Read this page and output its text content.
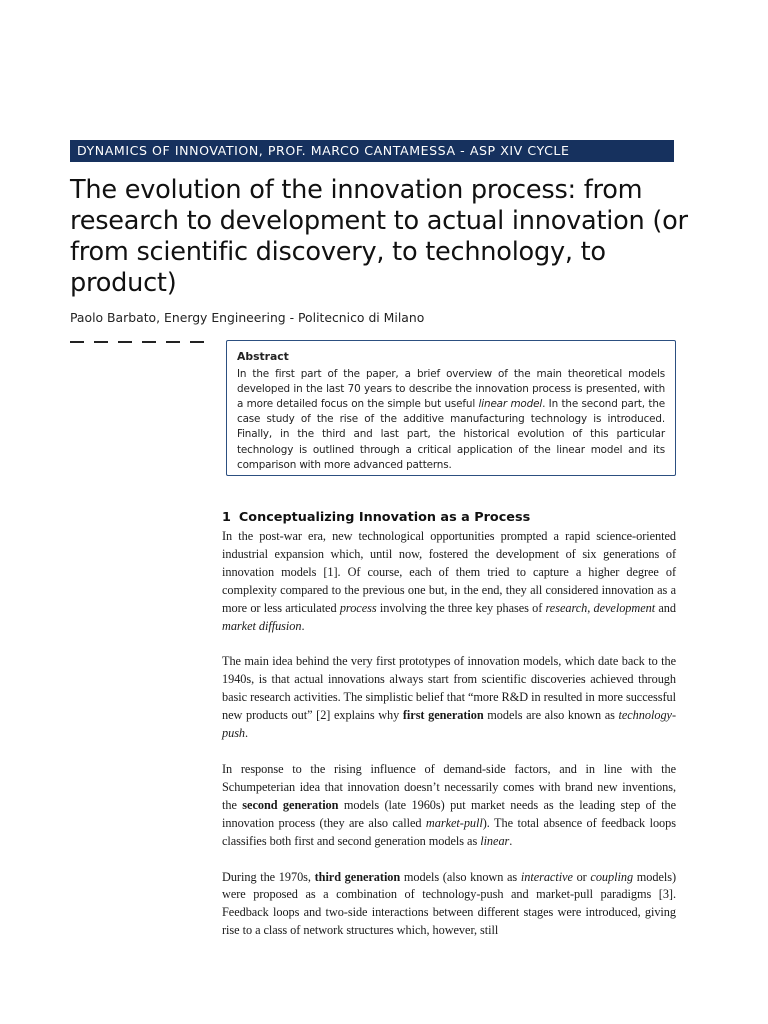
DYNAMICS OF INNOVATION, PROF. MARCO CANTAMESSA - ASP XIV CYCLE
The evolution of the innovation process: from research to development to actual innovation (or from scientific discovery, to technology, to product)
Paolo Barbato, Energy Engineering - Politecnico di Milano
Abstract
In the first part of the paper, a brief overview of the main theoretical models developed in the last 70 years to describe the innovation process is presented, with a more detailed focus on the simple but useful linear model. In the second part, the case study of the rise of the additive manufacturing technology is introduced. Finally, in the third and last part, the historical evolution of this particular technology is outlined through a critical application of the linear model and its comparison with more advanced patterns.
1 Conceptualizing Innovation as a Process

In the post-war era, new technological opportunities prompted a rapid science-oriented industrial expansion which, until now, fostered the development of six generations of innovation models [1]. Of course, each of them tried to capture a higher degree of complexity compared to the previous one but, in the end, they all considered innovation as a more or less articulated process involving the three key phases of research, development and market diffusion.

The main idea behind the very first prototypes of innovation models, which date back to the 1940s, is that actual innovations always start from scientific discoveries achieved through basic research activities. The simplistic belief that “more R&D in resulted in more successful new products out” [2] explains why first generation models are also known as technology-push.

In response to the rising influence of demand-side factors, and in line with the Schumpeterian idea that innovation doesn’t necessarily comes with brand new inventions, the second generation models (late 1960s) put market needs as the leading step of the innovation process (they are also called market-pull). The total absence of feedback loops classifies both first and second generation models as linear.

During the 1970s, third generation models (also known as interactive or coupling models) were proposed as a combination of technology-push and market-pull paradigms [3]. Feedback loops and two-side interactions between different stages were introduced, giving rise to a class of network structures which, however, still
